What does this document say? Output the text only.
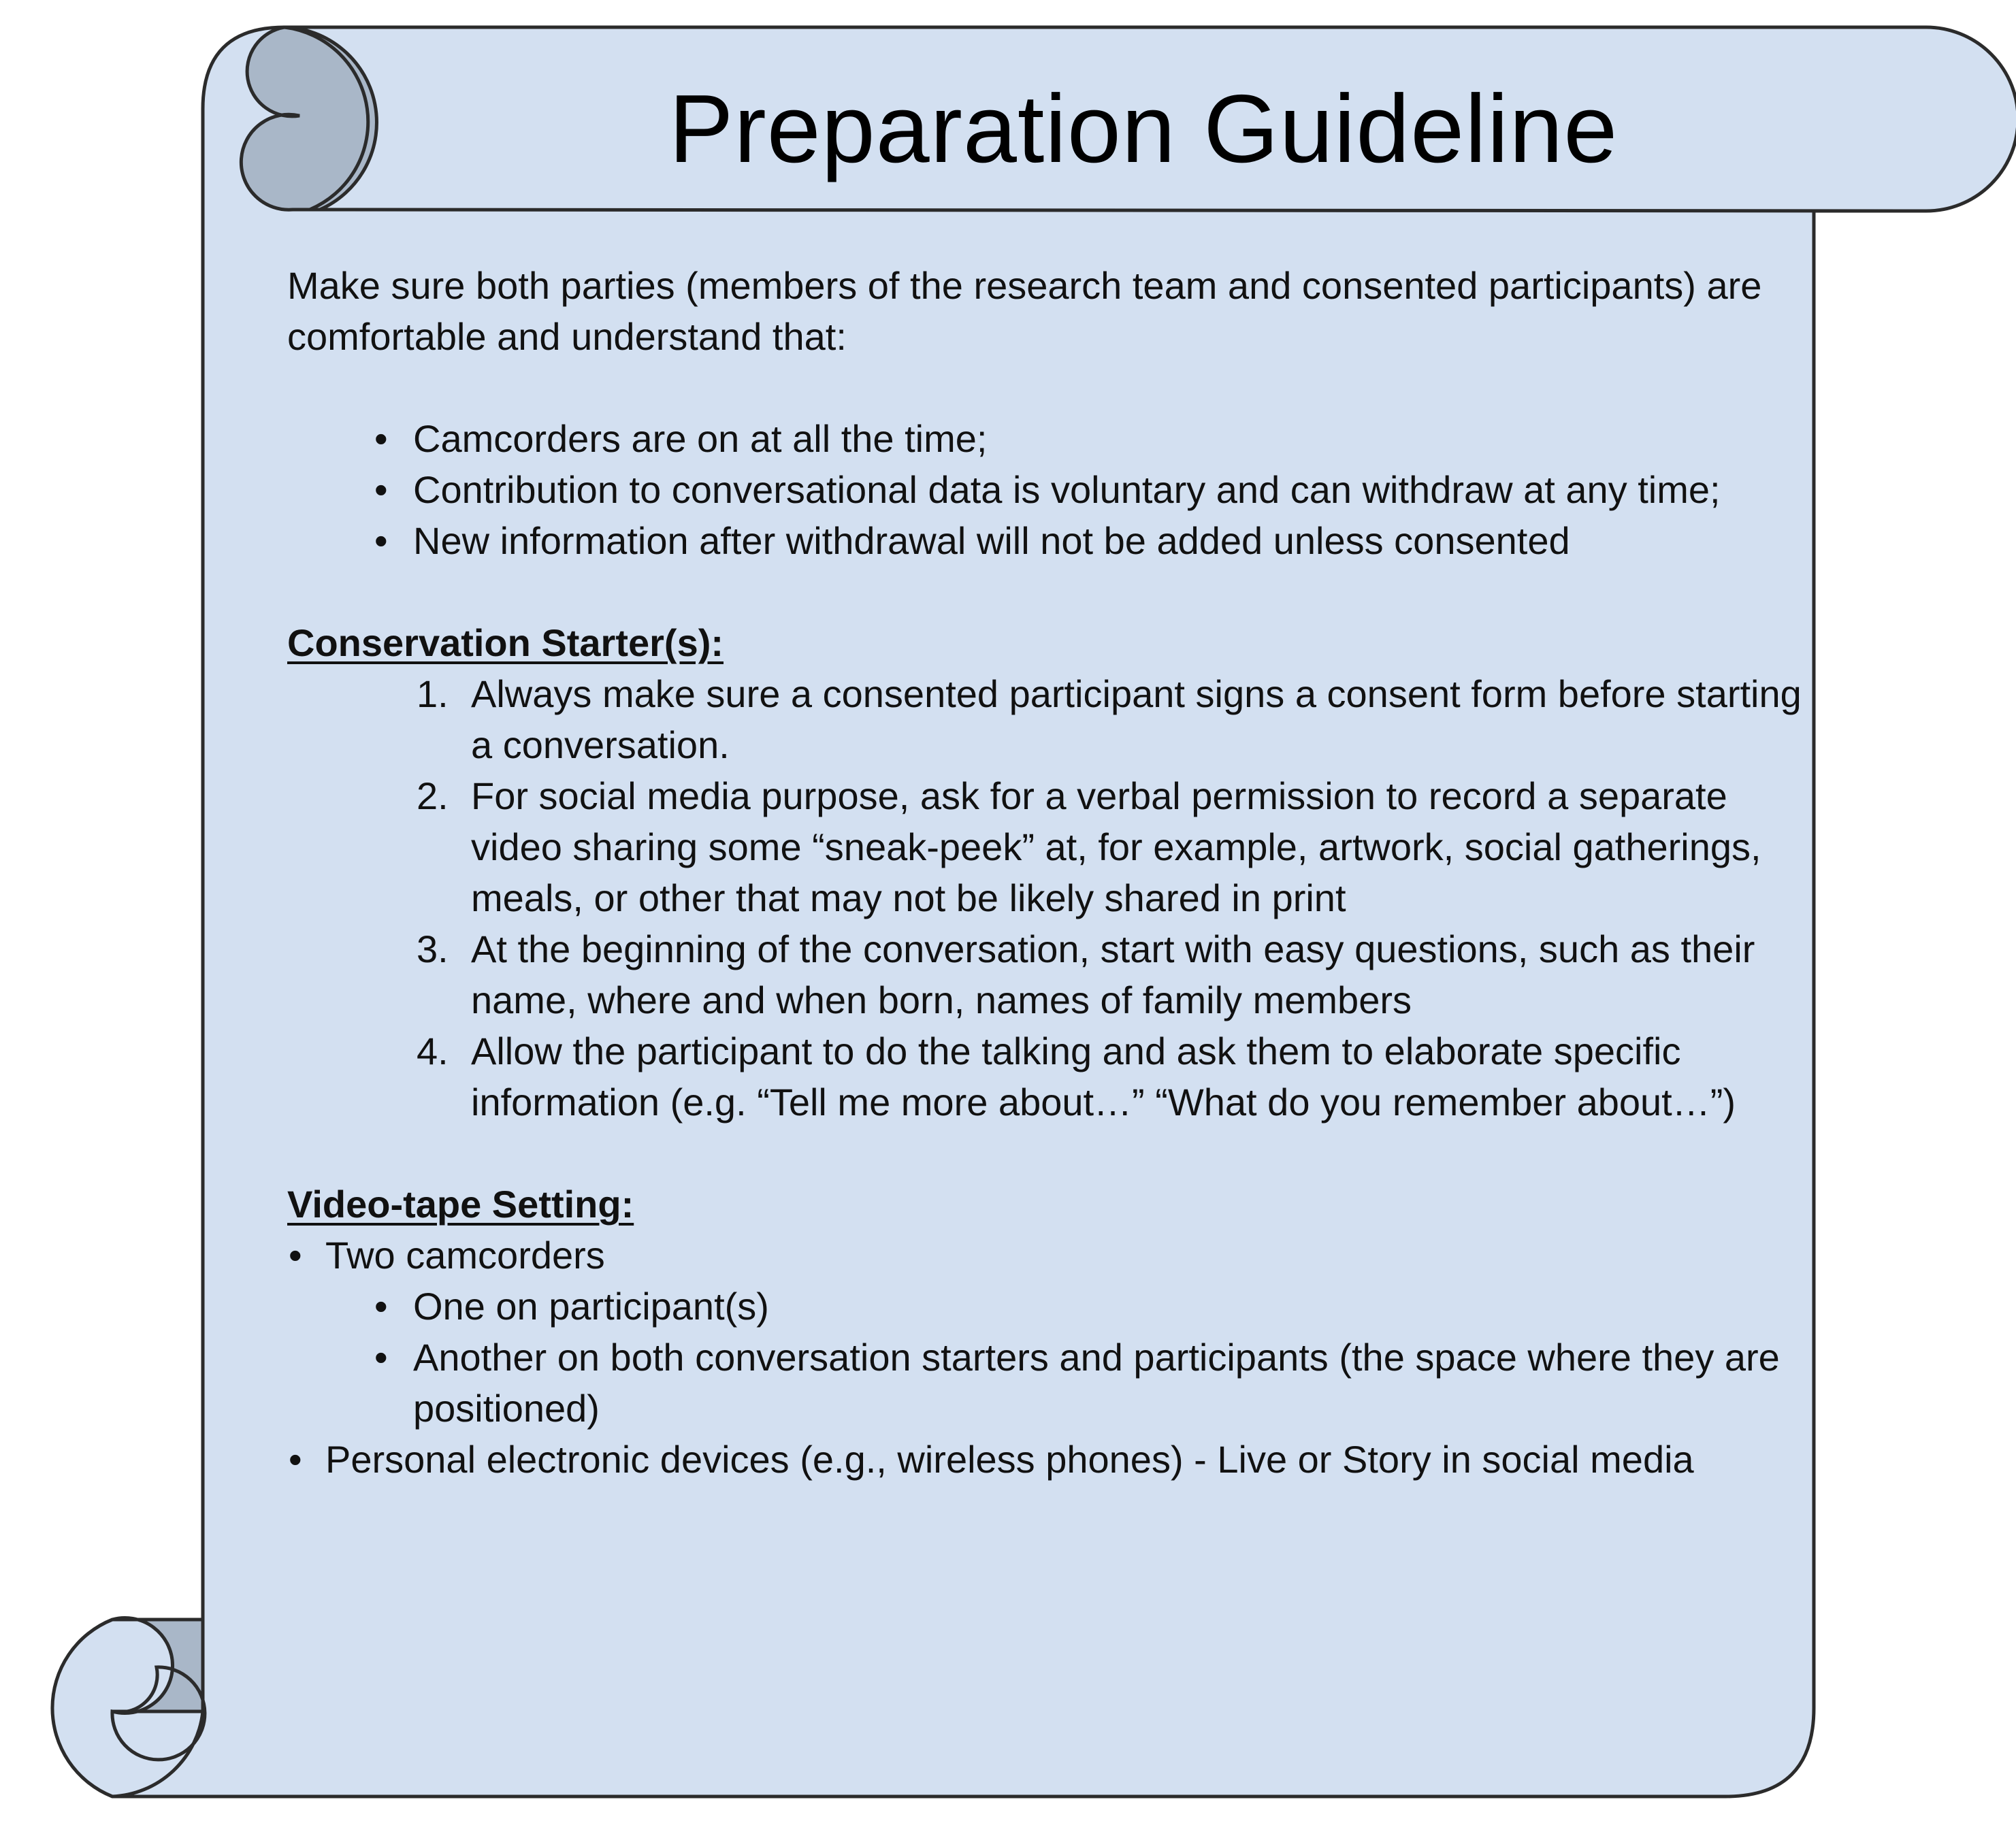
Preparation Guideline

Make sure both parties (members of the research team and consented participants) are comfortable and understand that:

• Camcorders are on at all the time;
• Contribution to conversational data is voluntary and can withdraw at any time;
• New information after withdrawal will not be added unless consented
Conservation Starter(s):
1. Always make sure a consented participant signs a consent form before starting a conversation.
2. For social media purpose, ask for a verbal permission to record a separate video sharing some “sneak-peek” at, for example, artwork, social gatherings, meals, or other that may not be likely shared in print
3. At the beginning of the conversation, start with easy questions, such as their name, where and when born, names of family members
4. Allow the participant to do the talking and ask them to elaborate specific information (e.g. “Tell me more about…” “What do you remember about…”)
Video-tape Setting:
• Two camcorders
• One on participant(s)
• Another on both conversation starters and participants (the space where they are positioned)
• Personal electronic devices (e.g., wireless phones) - Live or Story in social media
